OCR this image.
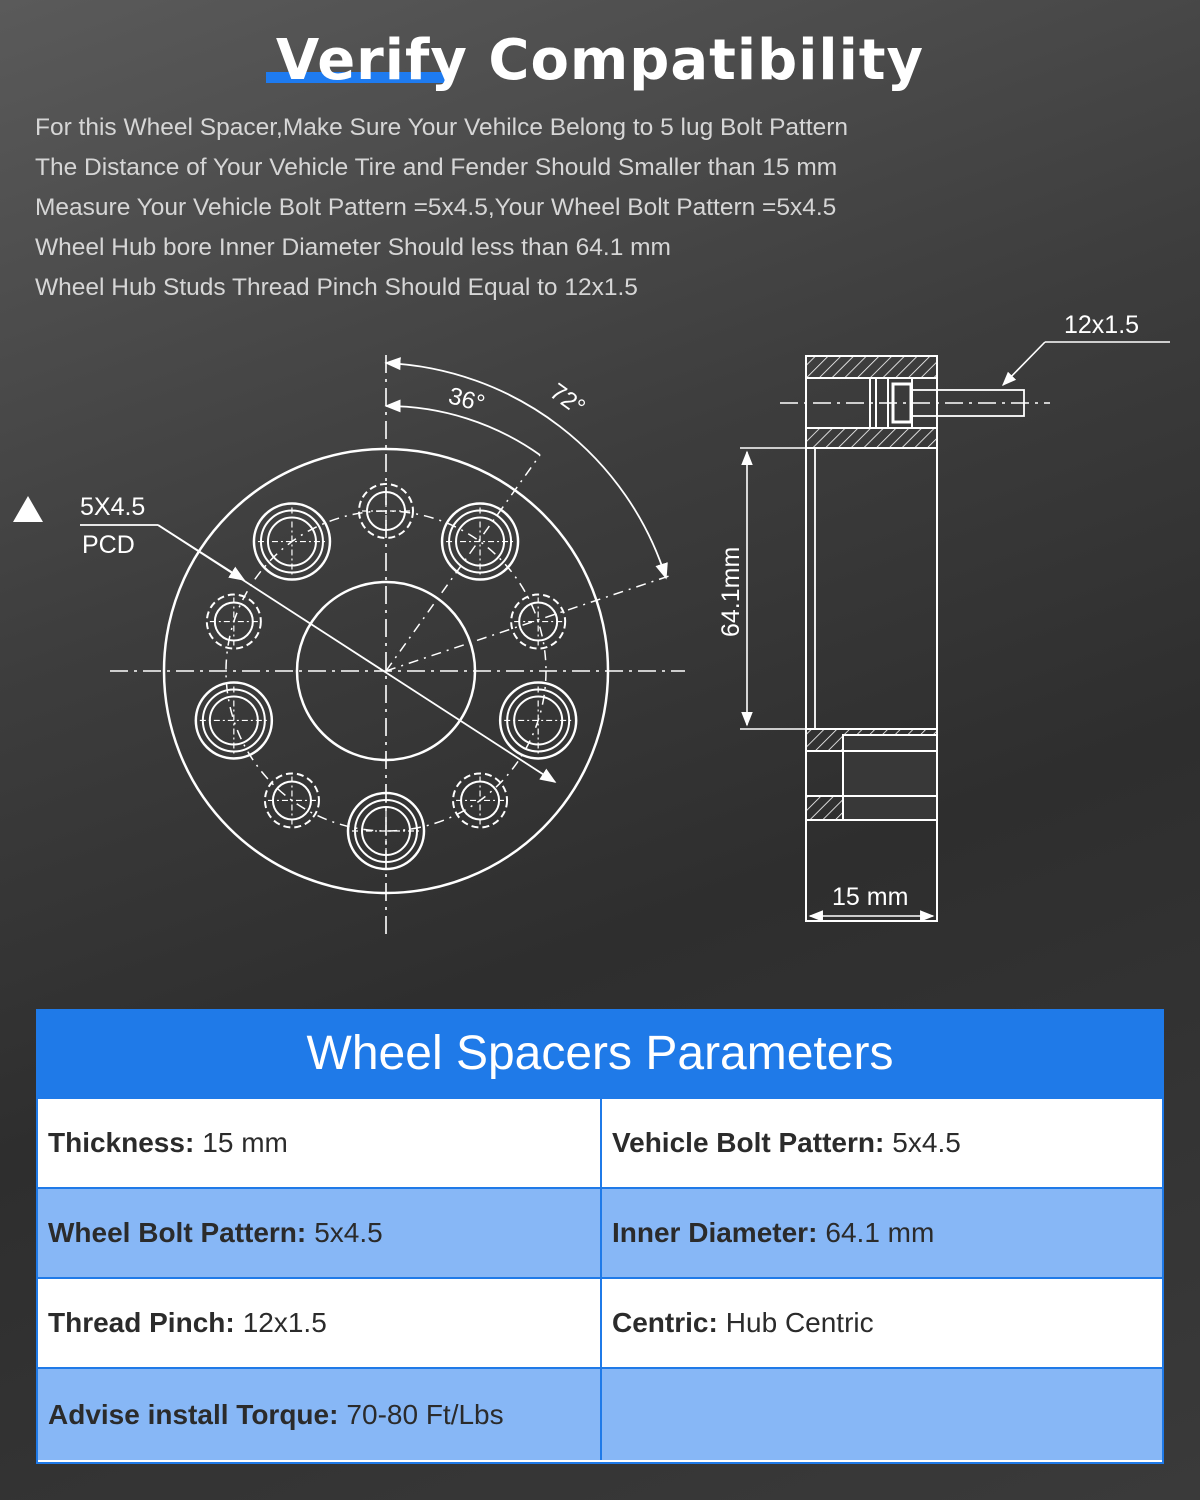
Verify Compatibility
For this Wheel Spacer,Make Sure Your Vehilce Belong to 5 lug Bolt Pattern
The Distance of Your Vehicle Tire and Fender Should Smaller than 15 mm
Measure Your Vehicle Bolt Pattern =5x4.5,Your Wheel Bolt Pattern =5x4.5
Wheel Hub bore Inner Diameter Should less than 64.1 mm
Wheel Hub Studs Thread Pinch Should Equal to 12x1.5
36° 72°
5X4.5
PCD
12x1.5
64.1mm
15 mm
Wheel Spacers Parameters
Thickness: 15 mm	Vehicle Bolt Pattern: 5x4.5
Wheel Bolt Pattern: 5x4.5	Inner Diameter: 64.1 mm
Thread Pinch: 12x1.5	Centric: Hub Centric
Advise install Torque: 70-80 Ft/Lbs
